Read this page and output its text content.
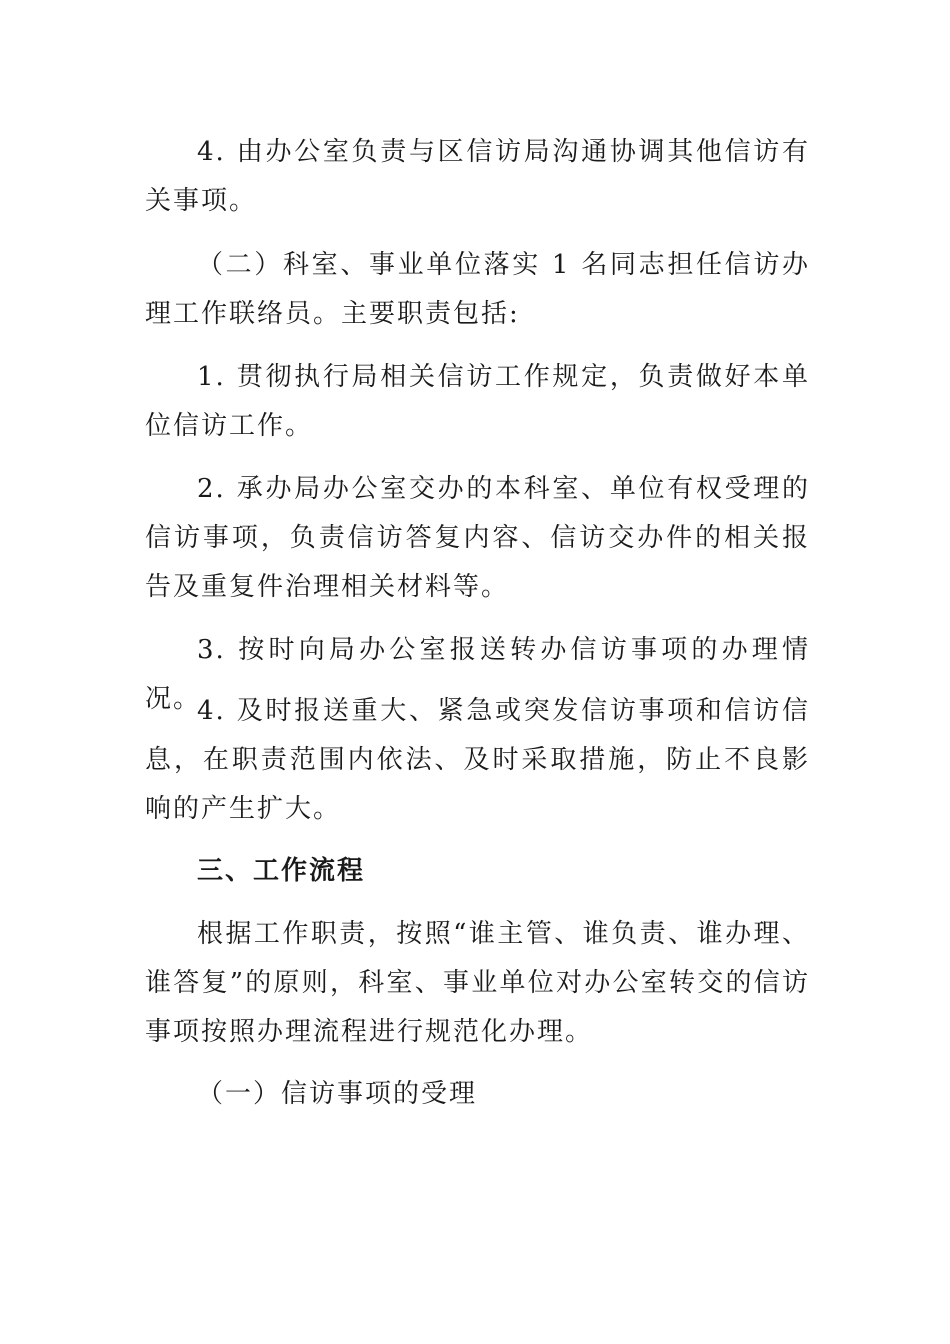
4. 由办公室负责与区信访局沟通协调其他信访有关事项。

（二）科室、事业单位落实 1 名同志担任信访办理工作联络员。主要职责包括:

1. 贯彻执行局相关信访工作规定，负责做好本单位信访工作。

2. 承办局办公室交办的本科室、单位有权受理的信访事项，负责信访答复内容、信访交办件的相关报告及重复件治理相关材料等。

3. 按时向局办公室报送转办信访事项的办理情况。

4. 及时报送重大、紧急或突发信访事项和信访信息，在职责范围内依法、及时采取措施，防止不良影响的产生扩大。

三、工作流程

根据工作职责，按照“谁主管、谁负责、谁办理、谁答复”的原则，科室、事业单位对办公室转交的信访事项按照办理流程进行规范化办理。

（一）信访事项的受理
